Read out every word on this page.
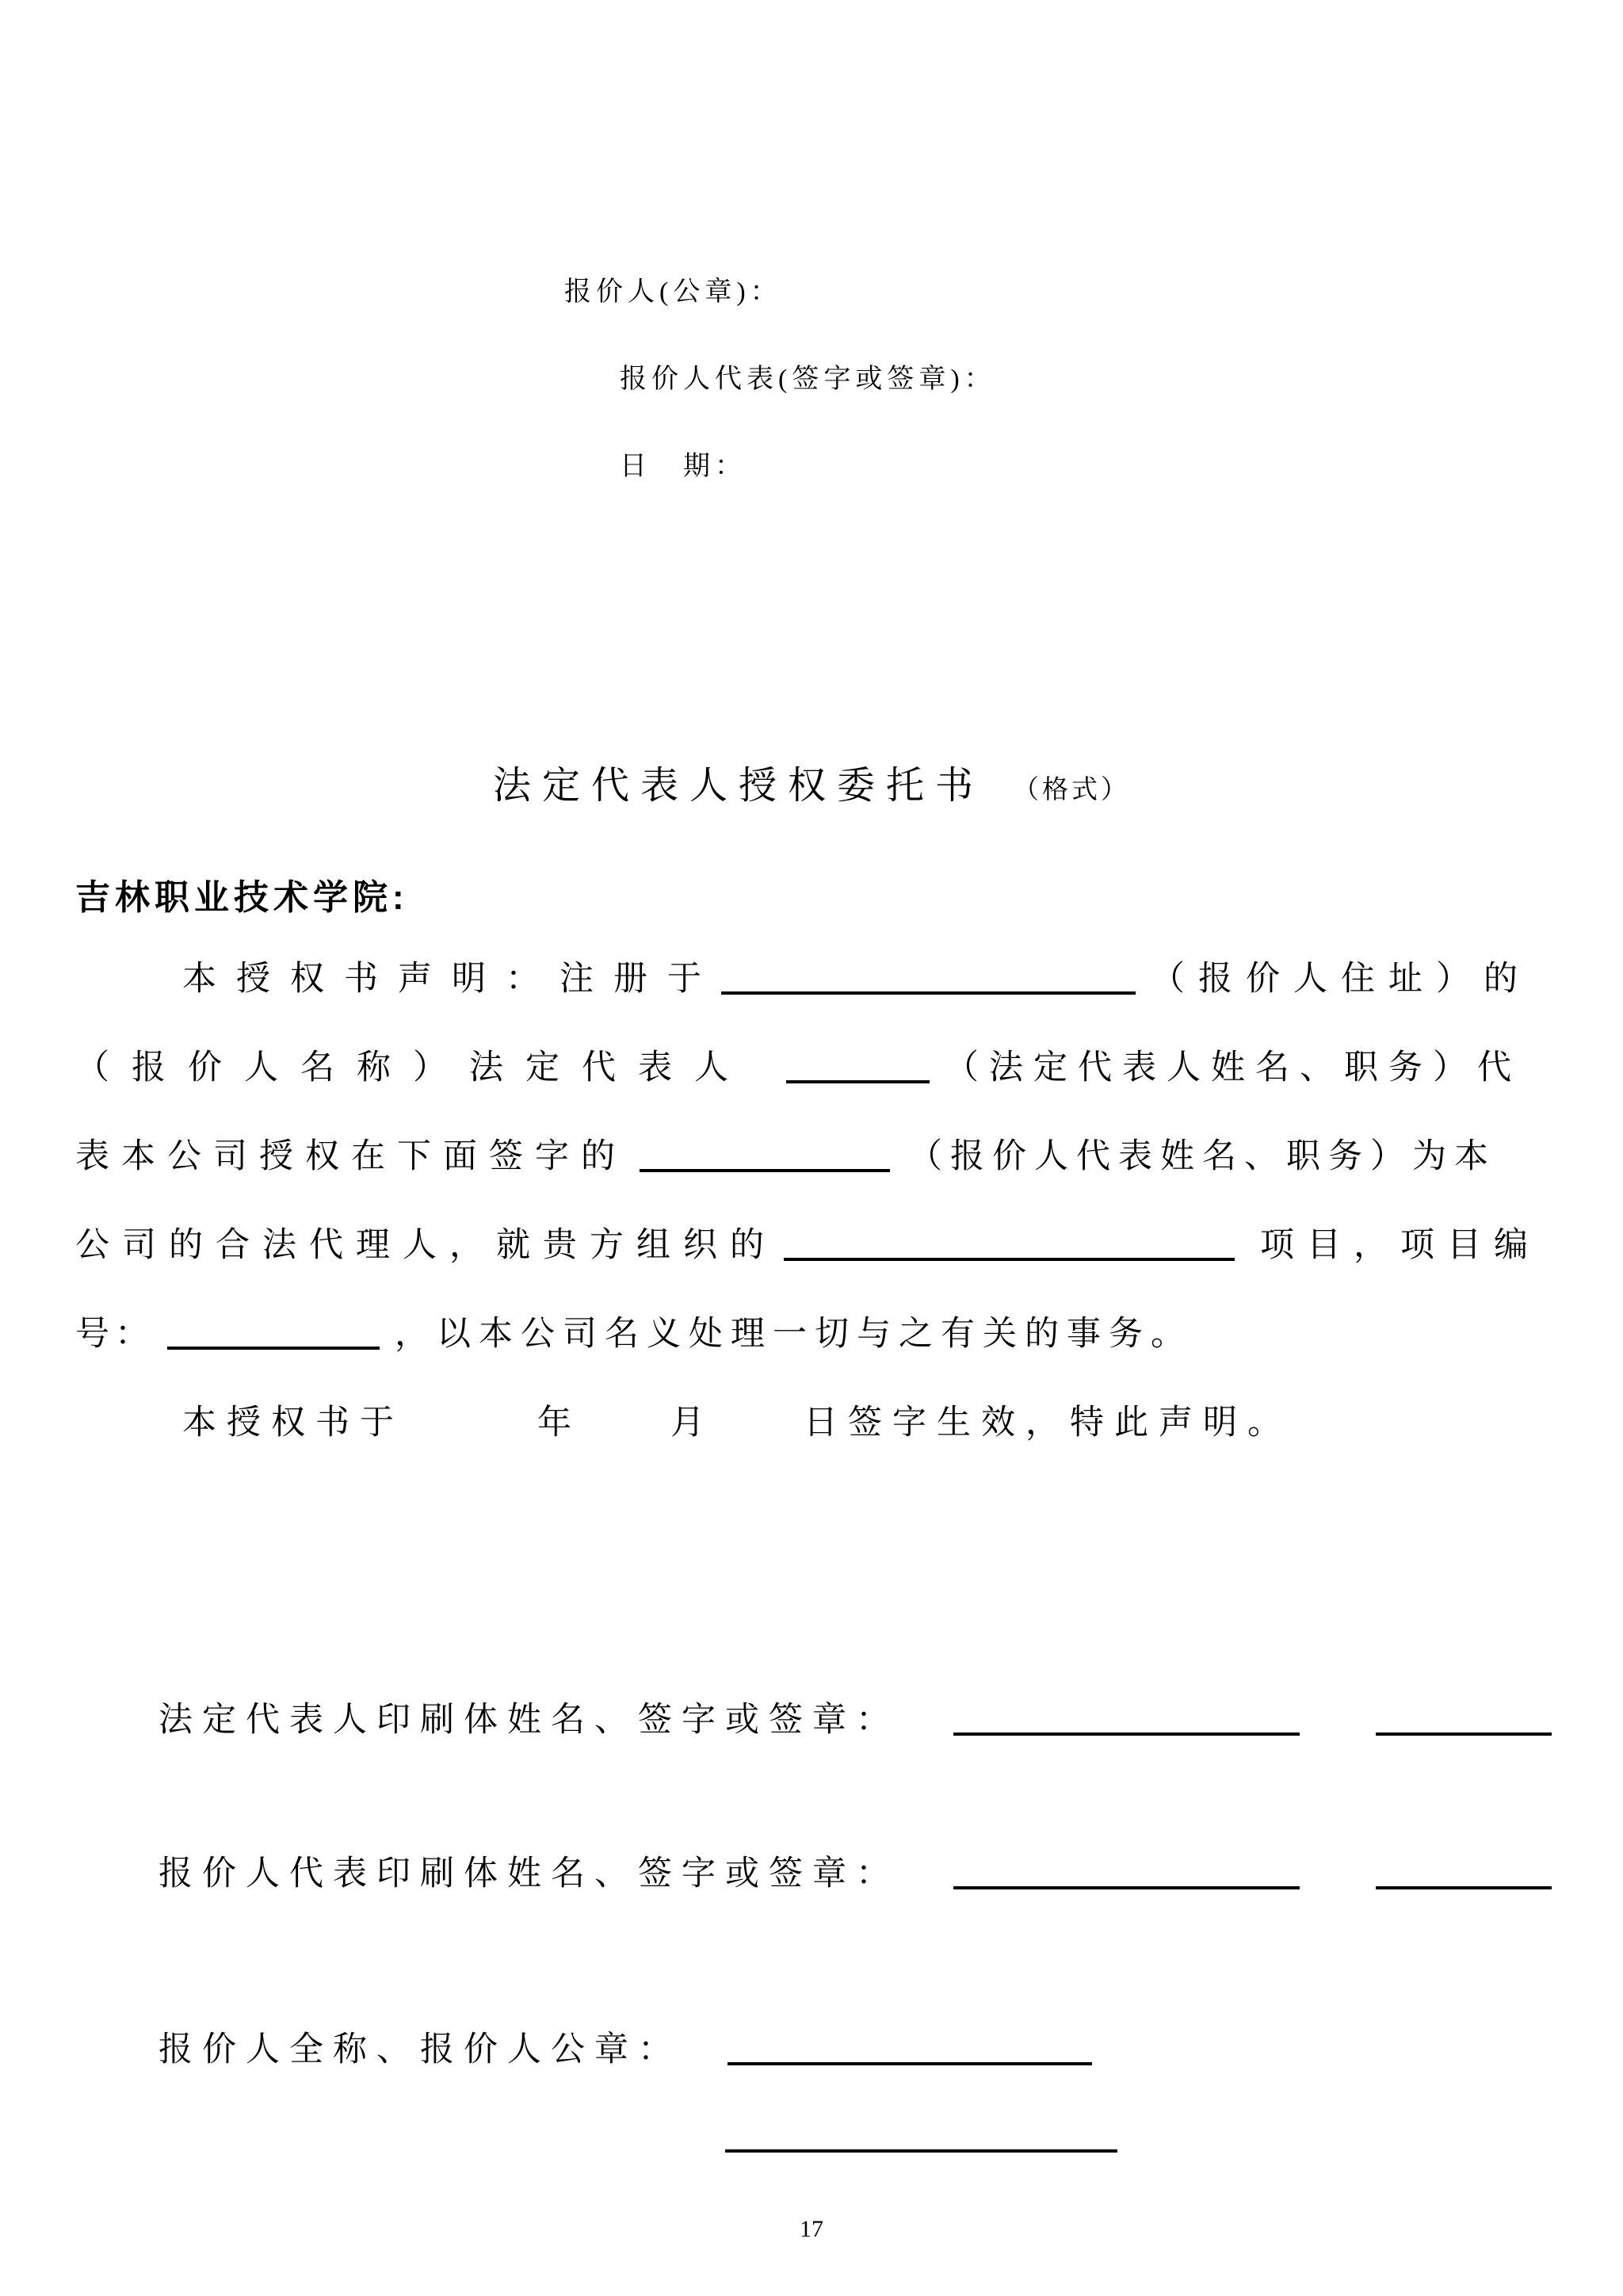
报价人(公章)：
报价人代表(签字或签章)：
日　期：
法定代表人授权委托书 （格式）
吉林职业技术学院:
本授权书声明：注册于	（报价人住址）的
（报价人名称）法定代表人	（法定代表人姓名、职务）代
表本公司授权在下面签字的	（报价人代表姓名、职务）为本
公司的合法代理人，就贵方组织的	项目，项目编
号：	，以本公司名义处理一切与之有关的事务。
本授权书于　　　年　　月　　日签字生效，特此声明。
法定代表人印刷体姓名、签字或签章：
报价人代表印刷体姓名、签字或签章：
报价人全称、报价人公章：
17
